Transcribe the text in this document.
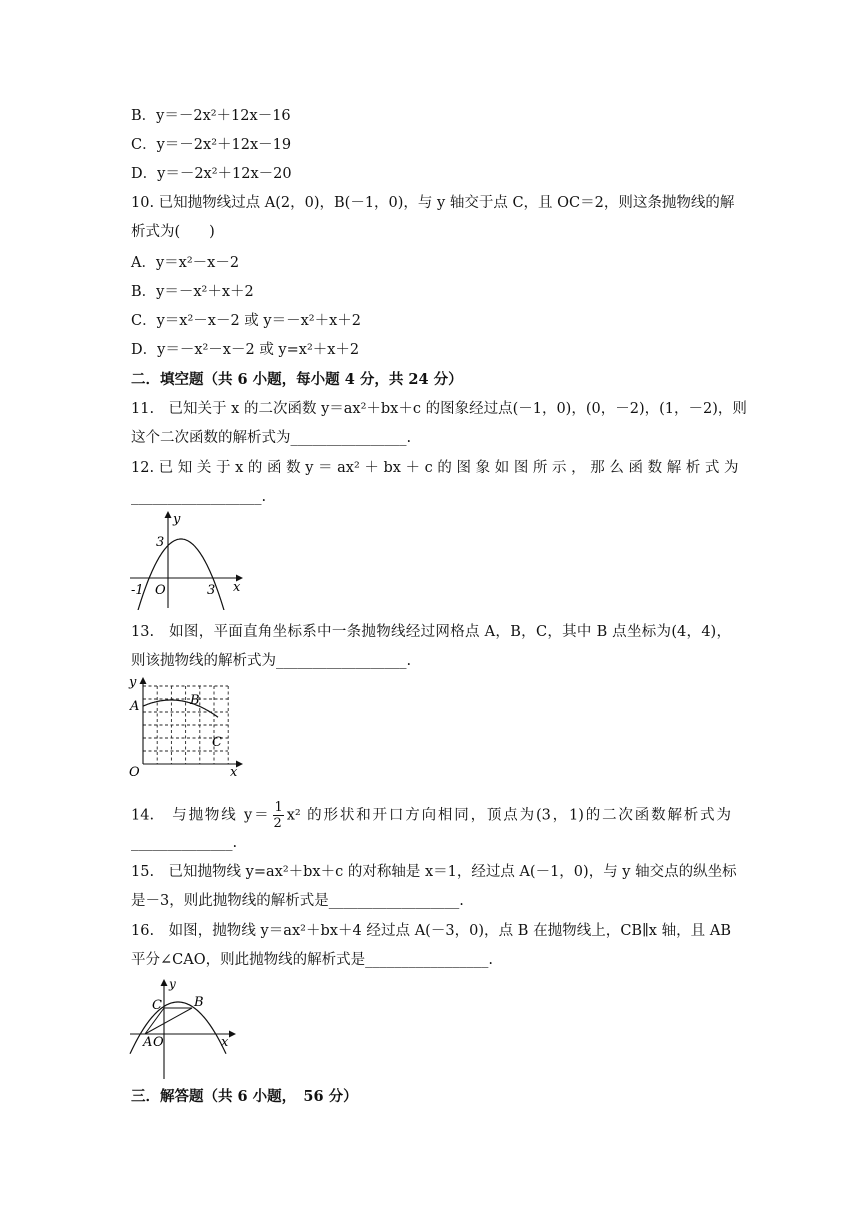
B．y＝－2x²＋12x－16
C．y＝－2x²＋12x－19
D．y＝－2x²＋12x－20
10. 已知抛物线过点 A(2，0)，B(－1，0)，与 y 轴交于点 C，且 OC＝2，则这条抛物线的解
析式为(　　)
A．y＝x²－x－2
B．y＝－x²＋x＋2
C．y＝x²－x－2 或 y＝－x²＋x＋2
D．y＝－x²－x－2 或 y=x²＋x＋2
二．填空题（共 6 小题，每小题 4 分，共 24 分）
11.　已知关于 x 的二次函数 y＝ax²＋bx＋c 的图象经过点(－1，0)，(0，－2)，(1，－2)，则
这个二次函数的解析式为________________.
12. 已 知 关 于 x 的 函 数 y ＝ ax² ＋ bx ＋ c 的 图 象 如 图 所 示 ， 那 么 函 数 解 析 式 为
__________________.
y
x
O
3
-1	3
13.　如图，平面直角坐标系中一条抛物线经过网格点 A，B，C，其中 B 点坐标为(4，4)，
则该抛物线的解析式为__________________.
y
x
O
A	B
C
14.　与抛物线 $y= \frac{1}{2} x^2$ 的形状和开口方向相同，顶点为(3，1)的二次函数解析式为
______________.
15.　已知抛物线 y=ax²＋bx＋c 的对称轴是 x＝1，经过点 A(－1，0)，与 y 轴交点的纵坐标
是－3，则此抛物线的解析式是__________________.
16.　如图，抛物线 y＝ax²＋bx＋4 经过点 A(－3，0)，点 B 在抛物线上，CB∥x 轴，且 AB
平分∠CAO，则此抛物线的解析式是_________________.
y
x
O
A
C B
三．解答题（共 6 小题，　56 分）
